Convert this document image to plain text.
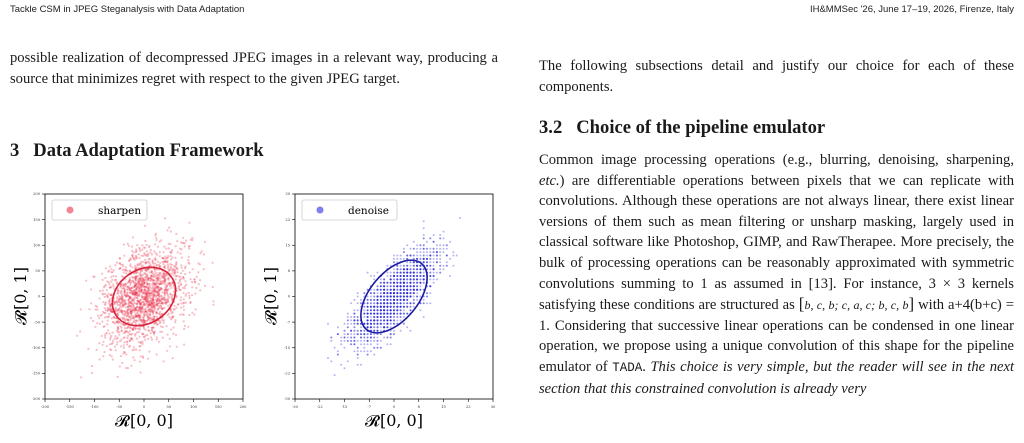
Tackle CSM in JPEG Steganalysis with Data Adaptation	IH&MMSec '26, June 17–19, 2026, Firenze, Italy

possible realization of decompressed JPEG images in a relevant way, producing a source that minimizes regret with respect to the given JPEG target.

3 Data Adaptation Framework
-200
-200
-150
-150
-100
-100
-50
-50
0
0
50
50
100
100
150
150
200
200
sharpen
𝓡[0, 0]
𝓡[0, 1]
-30
-30
-22
-22
-15
-15
-7
-7
0
0
8
8
15
15
23
23
30
30
denoise
𝓡[0, 0]
𝓡[0, 1]

The following subsections detail and justify our choice for each of these components.

3.2 Choice of the pipeline emulator

Common image processing operations (e.g., blurring, denoising, sharpening, etc.) are differentiable operations between pixels that we can replicate with convolutions. Although these operations are not always linear, there exist linear versions of them such as mean filtering or unsharp masking, largely used in classical software like Photoshop, GIMP, and RawTherapee. More precisely, the bulk of processing operations can be reasonably approximated with symmetric convolutions summing to 1 as assumed in [13]. For instance, 3 × 3 kernels satisfying these conditions are structured as [b, c, b; c, a, c; b, c, b] with a+4(b+c) = 1. Considering that successive linear operations can be condensed in one linear operation, we propose using a unique convolution of this shape for the pipeline emulator of TADA. This choice is very simple, but the reader will see in the next section that this constrained convolution is already very
